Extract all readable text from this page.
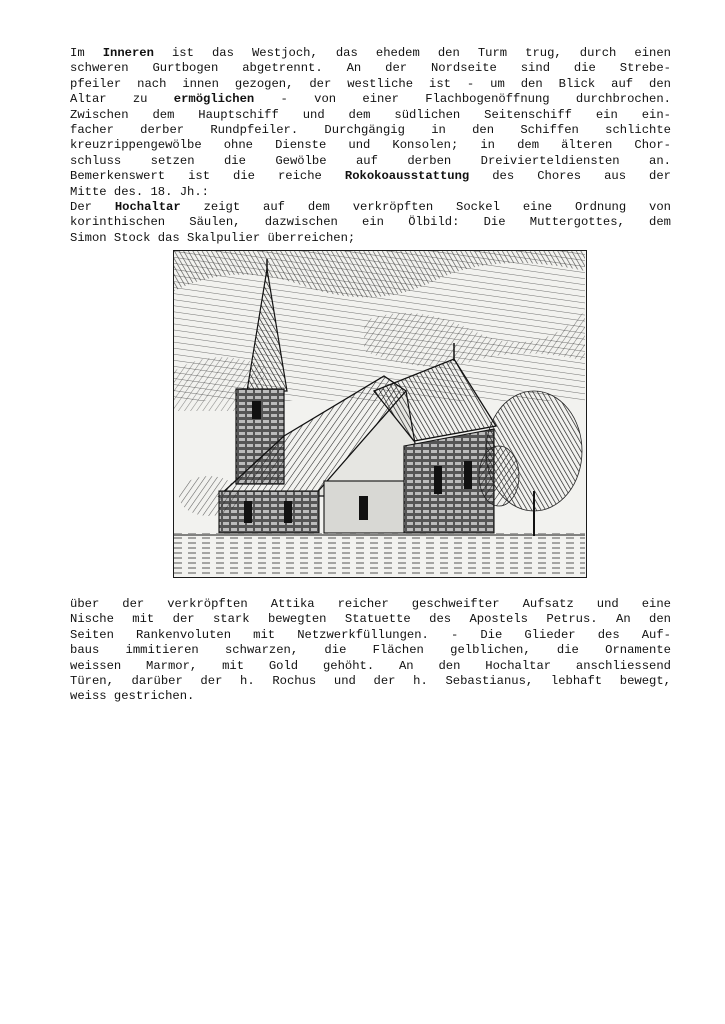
Im Inneren ist das Westjoch, das ehedem den Turm trug, durch einen
schweren Gurtbogen abgetrennt. An der Nordseite sind die Strebe-
pfeiler nach innen gezogen, der westliche ist - um den Blick auf den
Altar zu ermöglichen - von einer Flachbogenöffnung durchbrochen.
Zwischen dem Hauptschiff und dem südlichen Seitenschiff ein ein-
facher derber Rundpfeiler. Durchgängig in den Schiffen schlichte
kreuzrippengewölbe ohne Dienste und Konsolen; in dem älteren Chor-
schluss setzen die Gewölbe auf derben Dreivierteldiensten an.
Bemerkenswert ist die reiche Rokokoausstattung des Chores aus der
Mitte des. 18. Jh.:
Der Hochaltar zeigt auf dem verkröpften Sockel eine Ordnung von
korinthischen Säulen, dazwischen ein Ölbild: Die Muttergottes, dem
Simon Stock das Skalpulier überreichen;
über der verkröpften Attika reicher geschweifter Aufsatz und eine
Nische mit der stark bewegten Statuette des Apostels Petrus. An den
Seiten Rankenvoluten mit Netzwerkfüllungen. - Die Glieder des Auf-
baus immitieren schwarzen, die Flächen gelblichen, die Ornamente
weissen Marmor, mit Gold gehöht. An den Hochaltar anschliessend
Türen, darüber der h. Rochus und der h. Sebastianus, lebhaft bewegt,
weiss gestrichen.
